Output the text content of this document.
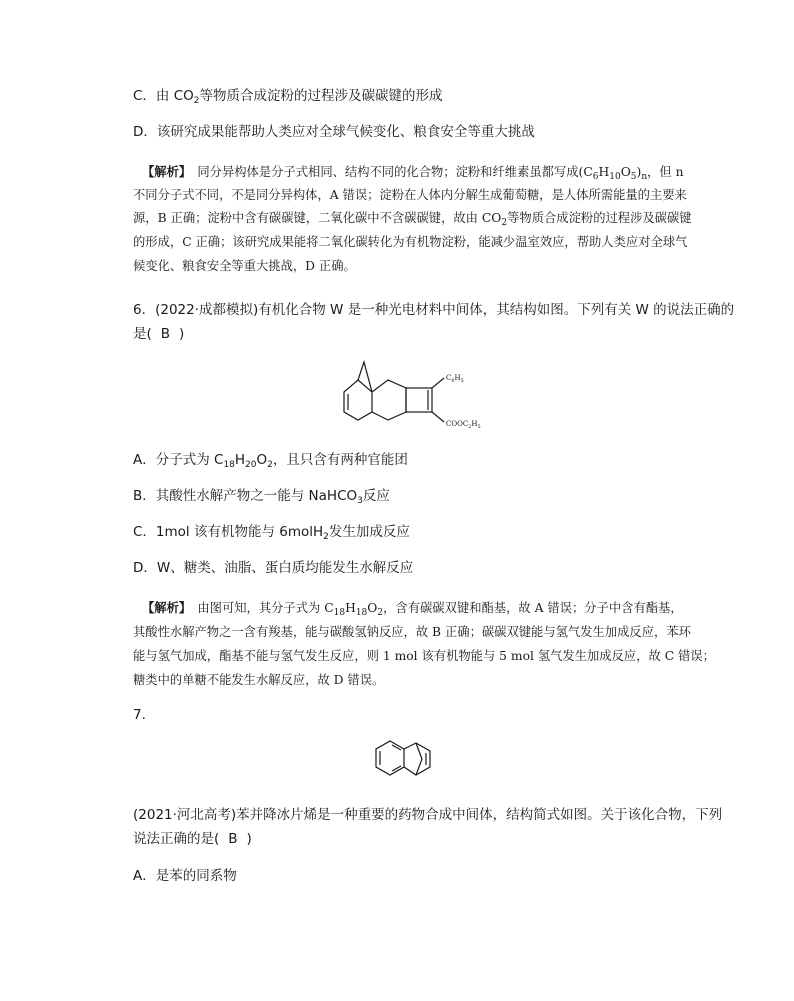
C．由 $CO_2$等物质合成淀粉的过程涉及碳碳键的形成
D．该研究成果能帮助人类应对全球气候变化、粮食安全等重大挑战
【解析】　同分异构体是分子式相同、结构不同的化合物；淀粉和纤维素虽都写成$(C_6H_{10}O_5)_n$，但 n
不同分子式不同，不是同分异构体，A 错误；淀粉在人体内分解生成葡萄糖，是人体所需能量的主要来
源，B 正确；淀粉中含有碳碳键，二氧化碳中不含碳碳键，故由 $CO_2$等物质合成淀粉的过程涉及碳碳键
的形成，C 正确；该研究成果能将二氧化碳转化为有机物淀粉，能减少温室效应，帮助人类应对全球气
候变化、粮食安全等重大挑战，D 正确。
6．(2022·成都模拟)有机化合物 W 是一种光电材料中间体，其结构如图。下列有关 W 的说法正确的
是( B )
$C_6H_5$
$COOC_2H_5$
A．分子式为 $C_{18}H_{20}O_2$，且只含有两种官能团
B．其酸性水解产物之一能与 NaHCO$_3$反应
C．1mol 该有机物能与 6molH$_2$发生加成反应
D．W、糖类、油脂、蛋白质均能发生水解反应
【解析】　由图可知，其分子式为 $C_{18}H_{18}O_2$，含有碳碳双键和酯基，故 A 错误；分子中含有酯基，
其酸性水解产物之一含有羧基，能与碳酸氢钠反应，故 B 正确；碳碳双键能与氢气发生加成反应，苯环
能与氢气加成，酯基不能与氢气发生反应，则 1 mol 该有机物能与 5 mol 氢气发生加成反应，故 C 错误；
糖类中的单糖不能发生水解反应，故 D 错误。
7.
(2021·河北高考)苯并降冰片烯是一种重要的药物合成中间体，结构简式如图。关于该化合物，下列
说法正确的是( B )
A．是苯的同系物
